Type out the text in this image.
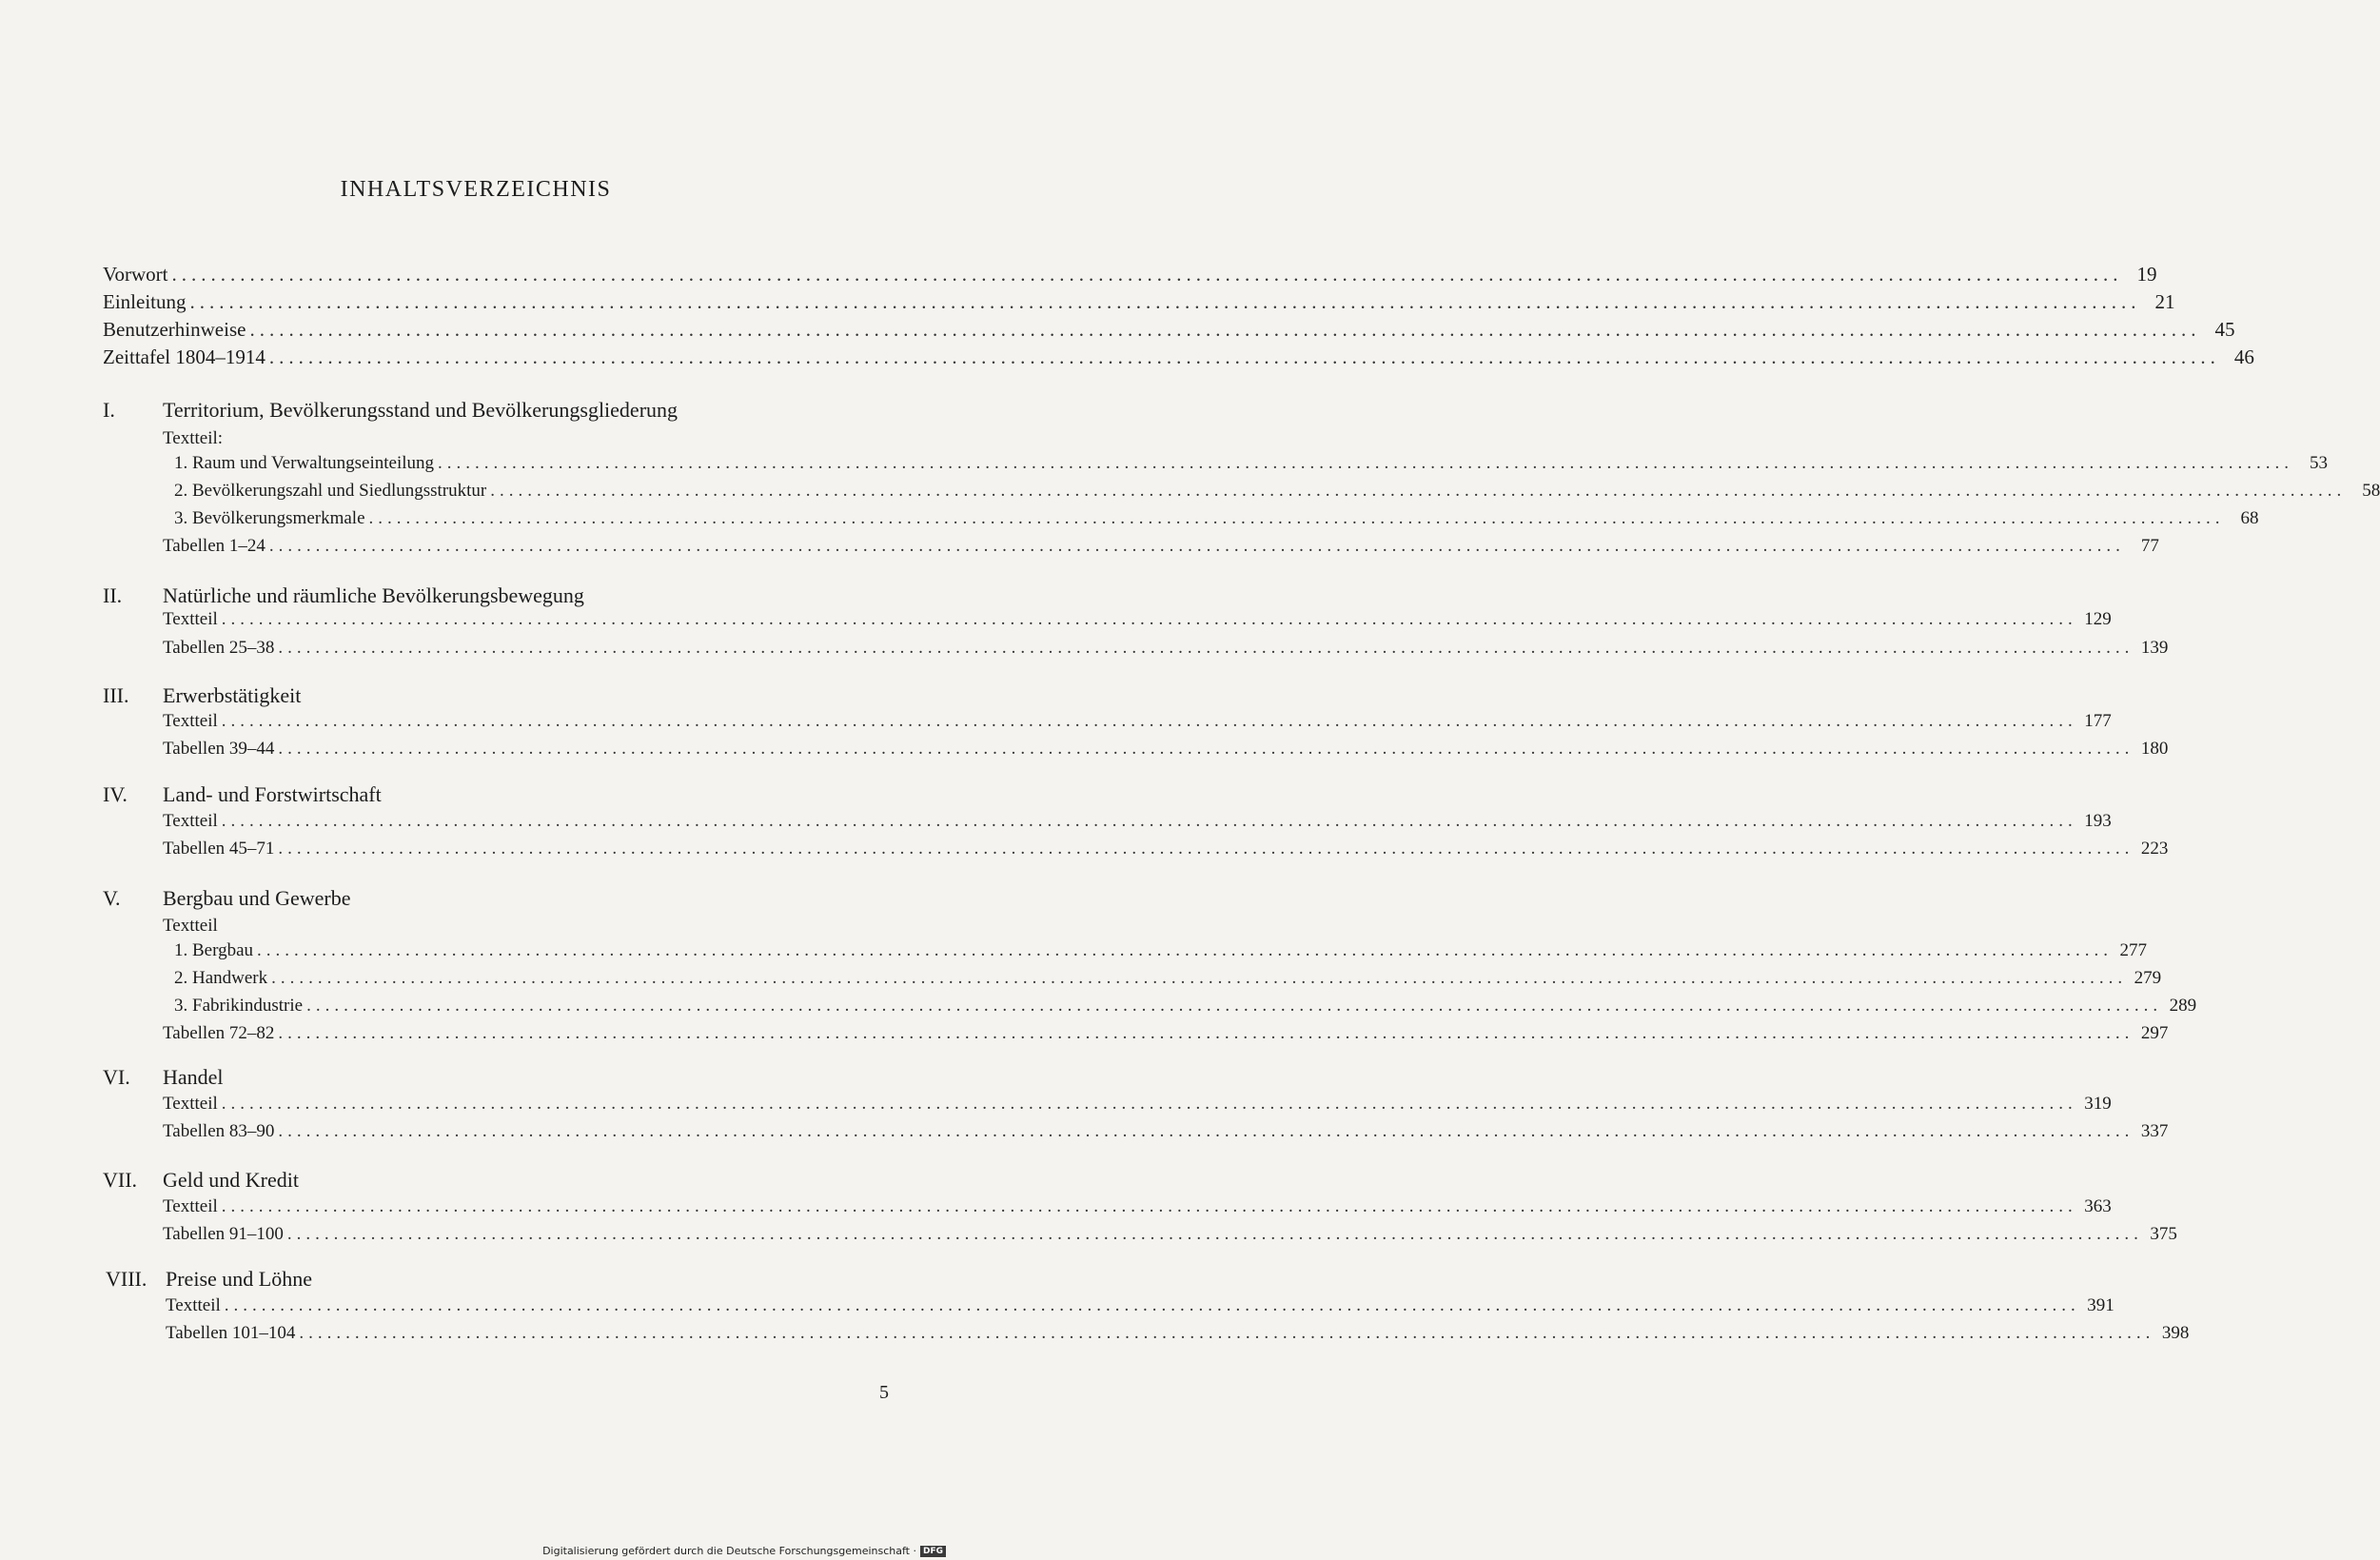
INHALTSVERZEICHNIS
Vorwort ........................................................................................................................................................................................................ 19
Einleitung ........................................................................................................................................................................................................ 21
Benutzerhinweise ........................................................................................................................................................................................................ 45
Zeittafel 1804–1914 ........................................................................................................................................................................................................ 46
I. Territorium, Bevölkerungsstand und Bevölkerungsgliederung
Textteil:
1. Raum und Verwaltungseinteilung ........................................................................................................................................................................................................ 53
2. Bevölkerungszahl und Siedlungsstruktur ........................................................................................................................................................................................................ 58
3. Bevölkerungsmerkmale ........................................................................................................................................................................................................ 68
Tabellen 1–24 ........................................................................................................................................................................................................ 77
II. Natürliche und räumliche Bevölkerungsbewegung
Textteil ........................................................................................................................................................................................................ 129
Tabellen 25–38 ........................................................................................................................................................................................................ 139
III. Erwerbstätigkeit
Textteil ........................................................................................................................................................................................................ 177
Tabellen 39–44 ........................................................................................................................................................................................................ 180
IV. Land- und Forstwirtschaft
Textteil ........................................................................................................................................................................................................ 193
Tabellen 45–71 ........................................................................................................................................................................................................ 223
V. Bergbau und Gewerbe
Textteil
1. Bergbau ........................................................................................................................................................................................................ 277
2. Handwerk ........................................................................................................................................................................................................ 279
3. Fabrikindustrie ........................................................................................................................................................................................................ 289
Tabellen 72–82 ........................................................................................................................................................................................................ 297
VI. Handel
Textteil ........................................................................................................................................................................................................ 319
Tabellen 83–90 ........................................................................................................................................................................................................ 337
VII. Geld und Kredit
Textteil ........................................................................................................................................................................................................ 363
Tabellen 91–100 ........................................................................................................................................................................................................ 375
VIII. Preise und Löhne
Textteil ........................................................................................................................................................................................................ 391
Tabellen 101–104 ........................................................................................................................................................................................................ 398
5
Digitalisierung gefördert durch die Deutsche Forschungsgemeinschaft · DFG
